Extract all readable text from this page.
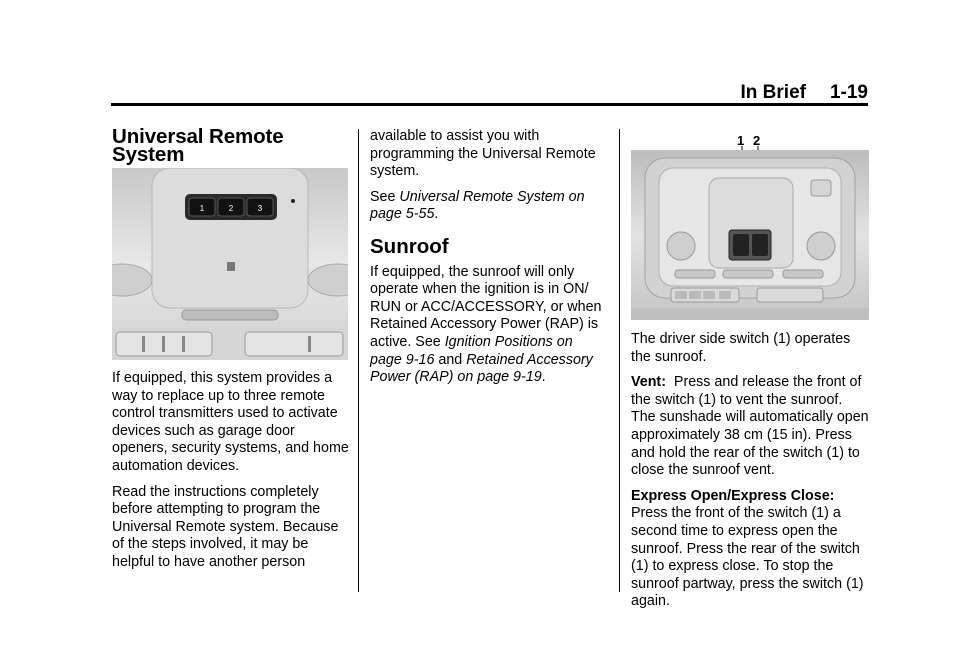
In Brief 1-19
Universal Remote System
1	2	3

If equipped, this system provides a way to replace up to three remote control transmitters used to activate devices such as garage door openers, security systems, and home automation devices.

Read the instructions completely before attempting to program the Universal Remote system. Because of the steps involved, it may be helpful to have another person

available to assist you with programming the Universal Remote system.

See Universal Remote System on page 5-55.

Sunroof

If equipped, the sunroof will only operate when the ignition is in ON/ RUN or ACC/ACCESSORY, or when Retained Accessory Power (RAP) is active. See Ignition Positions on page 9-16 and Retained Accessory Power (RAP) on page 9-19.

1 2

The driver side switch (1) operates the sunroof.

Vent:  Press and release the front of the switch (1) to vent the sunroof. The sunshade will automatically open approximately 38 cm (15 in). Press and hold the rear of the switch (1) to close the sunroof vent.

Express Open/Express Close:
Press the front of the switch (1) a second time to express open the sunroof. Press the rear of the switch (1) to express close. To stop the sunroof partway, press the switch (1) again.
